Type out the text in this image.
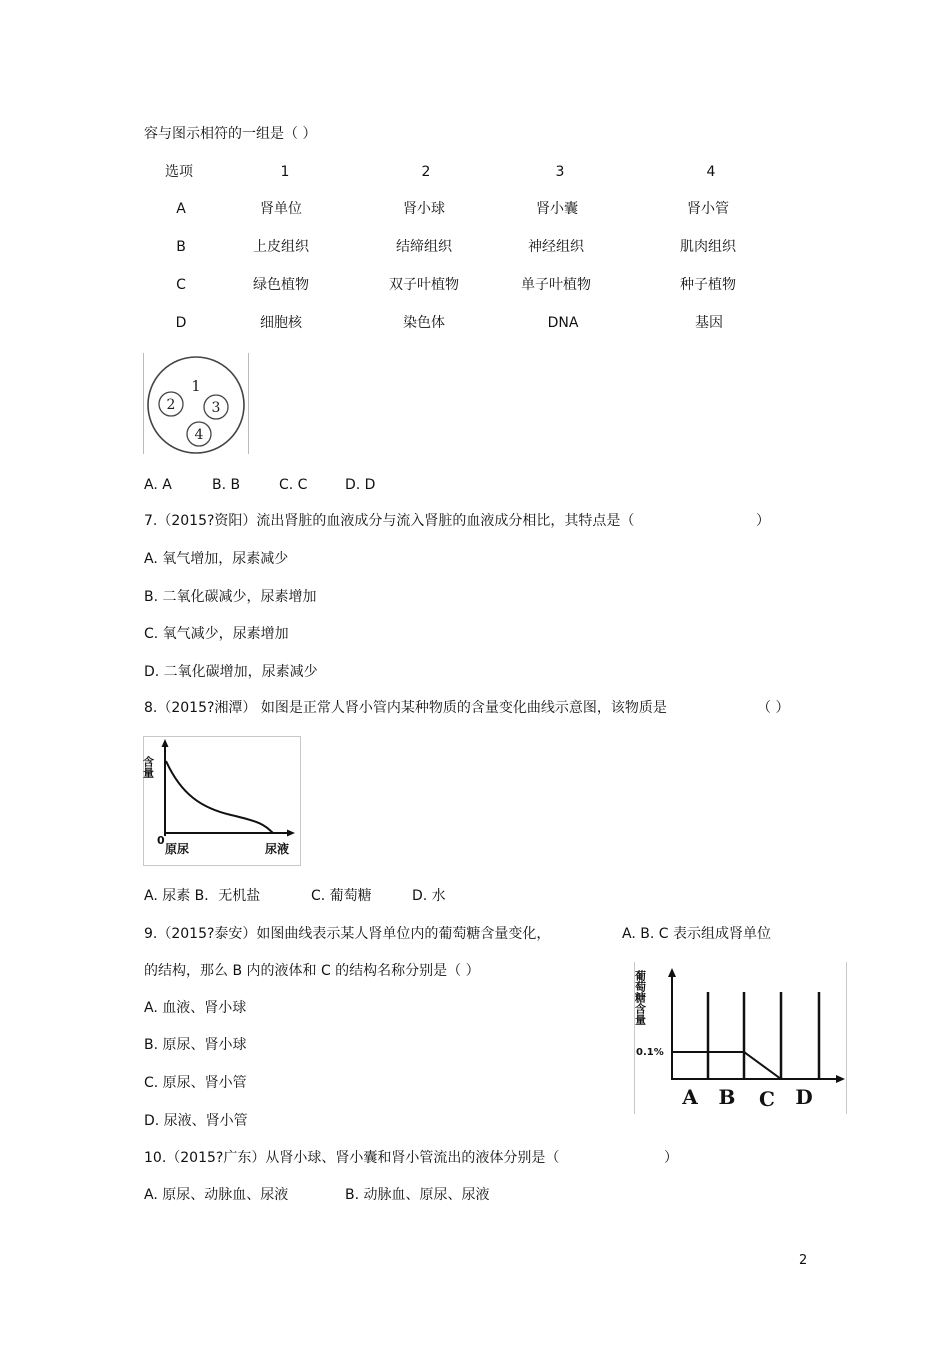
容与图示相符的一组是（ ）
选项	1	2	3	4
A	肾单位	肾小球	肾小囊	肾小管
B	上皮组织	结缔组织	神经组织	肌肉组织
C	绿色植物	双子叶植物	单子叶植物	种子植物
D	细胞核	染色体	DNA	基因
1
2	3
4
A. A	B. B	C. C	D. D
7.（2015?资阳）流出肾脏的血液成分与流入肾脏的血液成分相比，其特点是（	）
A. 氧气增加，尿素减少
B. 二氧化碳减少，尿素增加
C. 氧气减少，尿素增加
D. 二氧化碳增加，尿素减少
8.（2015?湘潭） 如图是正常人肾小管内某种物质的含量变化曲线示意图，该物质是	（ ）
含量
0
原尿	尿液
A. 尿素 B．无机盐	C. 葡萄糖	D. 水
9.（2015?泰安）如图曲线表示某人肾单位内的葡萄糖含量变化，	A. B. C 表示组成肾单位
的结构，那么 B 内的液体和 C 的结构名称分别是（ ）
A. 血液、肾小球
B. 原尿、肾小球
C. 原尿、肾小管
D. 尿液、肾小管
0.1%
葡萄糖含量
A B C D
10.（2015?广东）从肾小球、肾小囊和肾小管流出的液体分别是（	）
A. 原尿、动脉血、尿液	B. 动脉血、原尿、尿液
2
